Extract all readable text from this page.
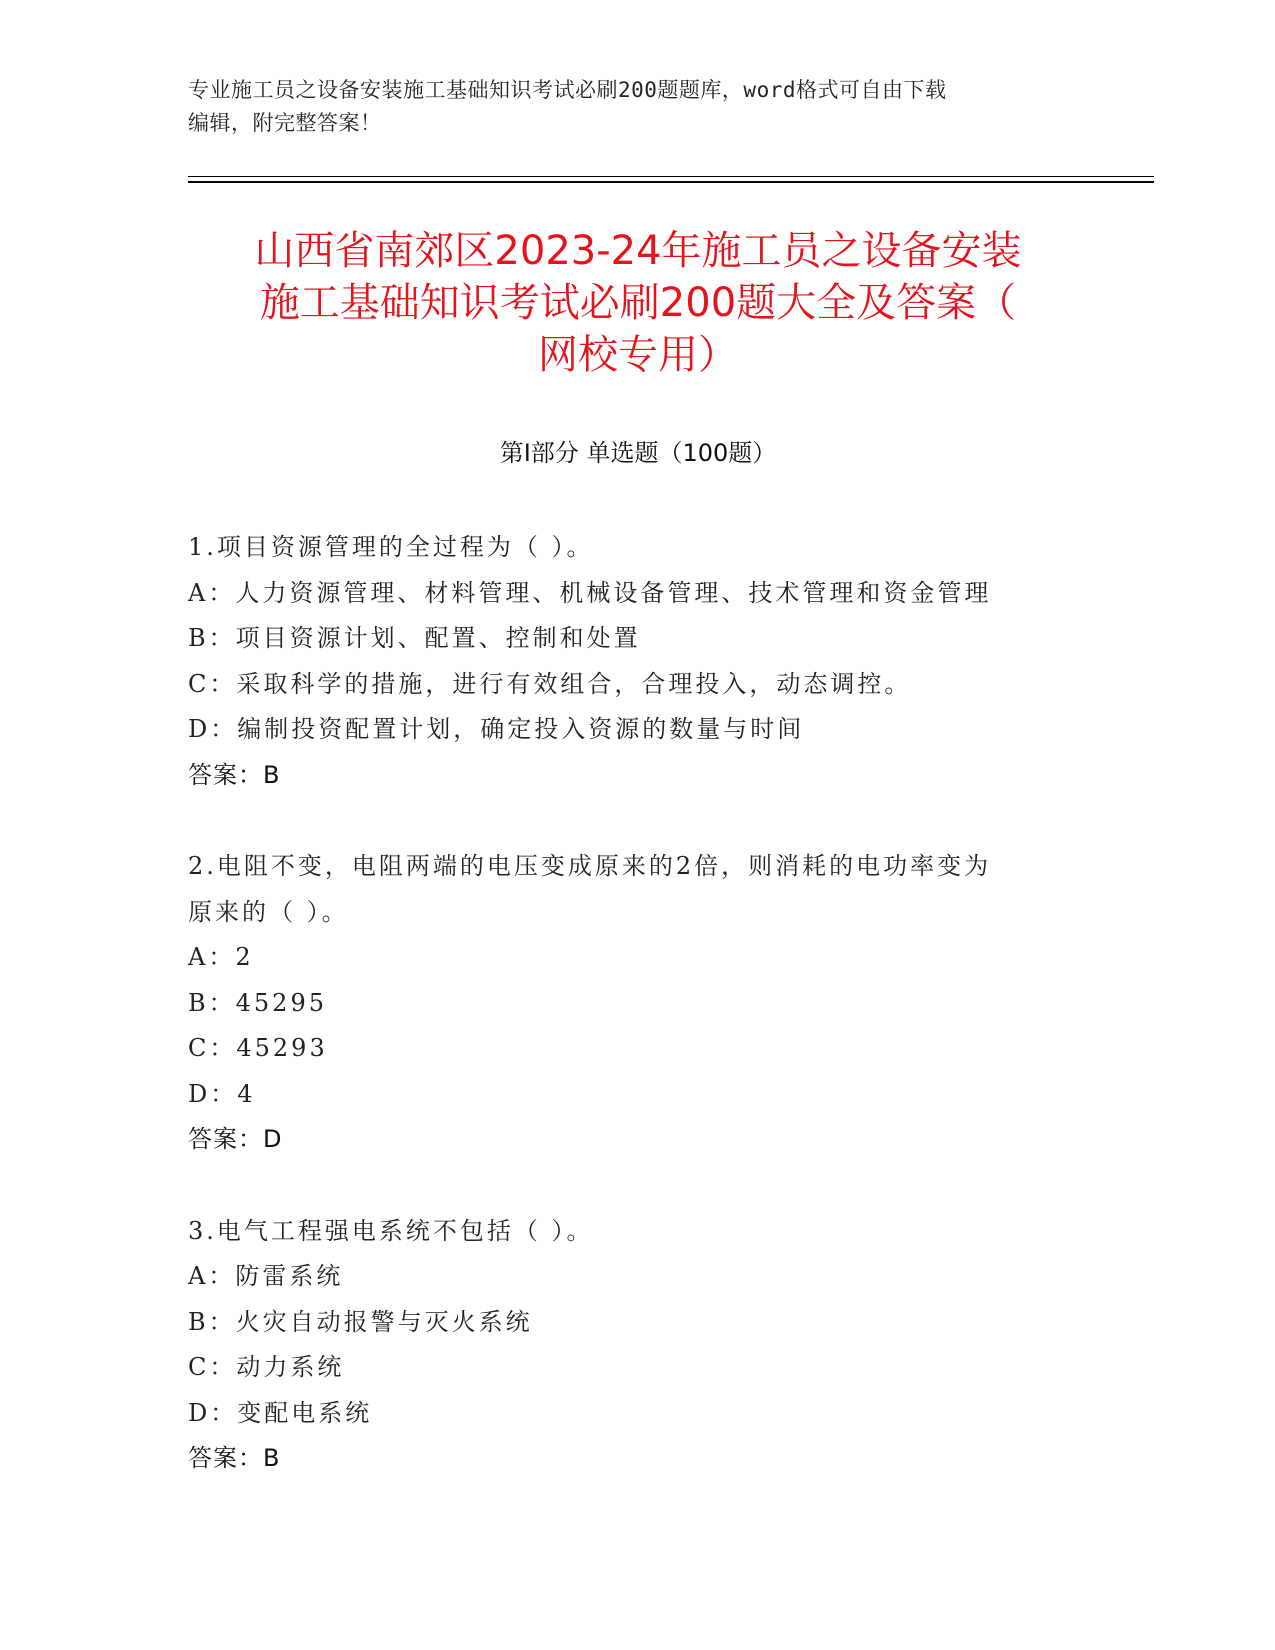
专业施工员之设备安装施工基础知识考试必刷200题题库，word格式可自由下载
编辑，附完整答案！
山西省南郊区2023-24年施工员之设备安装
施工基础知识考试必刷200题大全及答案（
网校专用）
第Ⅰ部分 单选题（100题）

1.项目资源管理的全过程为（ ）。

A：人力资源管理、材料管理、机械设备管理、技术管理和资金管理

B：项目资源计划、配置、控制和处置

C：采取科学的措施，进行有效组合，合理投入，动态调控。

D：编制投资配置计划，确定投入资源的数量与时间

答案：B

2.电阻不变，电阻两端的电压变成原来的2倍，则消耗的电功率变为

原来的（ ）。

A：2

B：45295

C：45293

D：4

答案：D

3.电气工程强电系统不包括（ ）。

A：防雷系统

B：火灾自动报警与灭火系统

C：动力系统

D：变配电系统

答案：B
